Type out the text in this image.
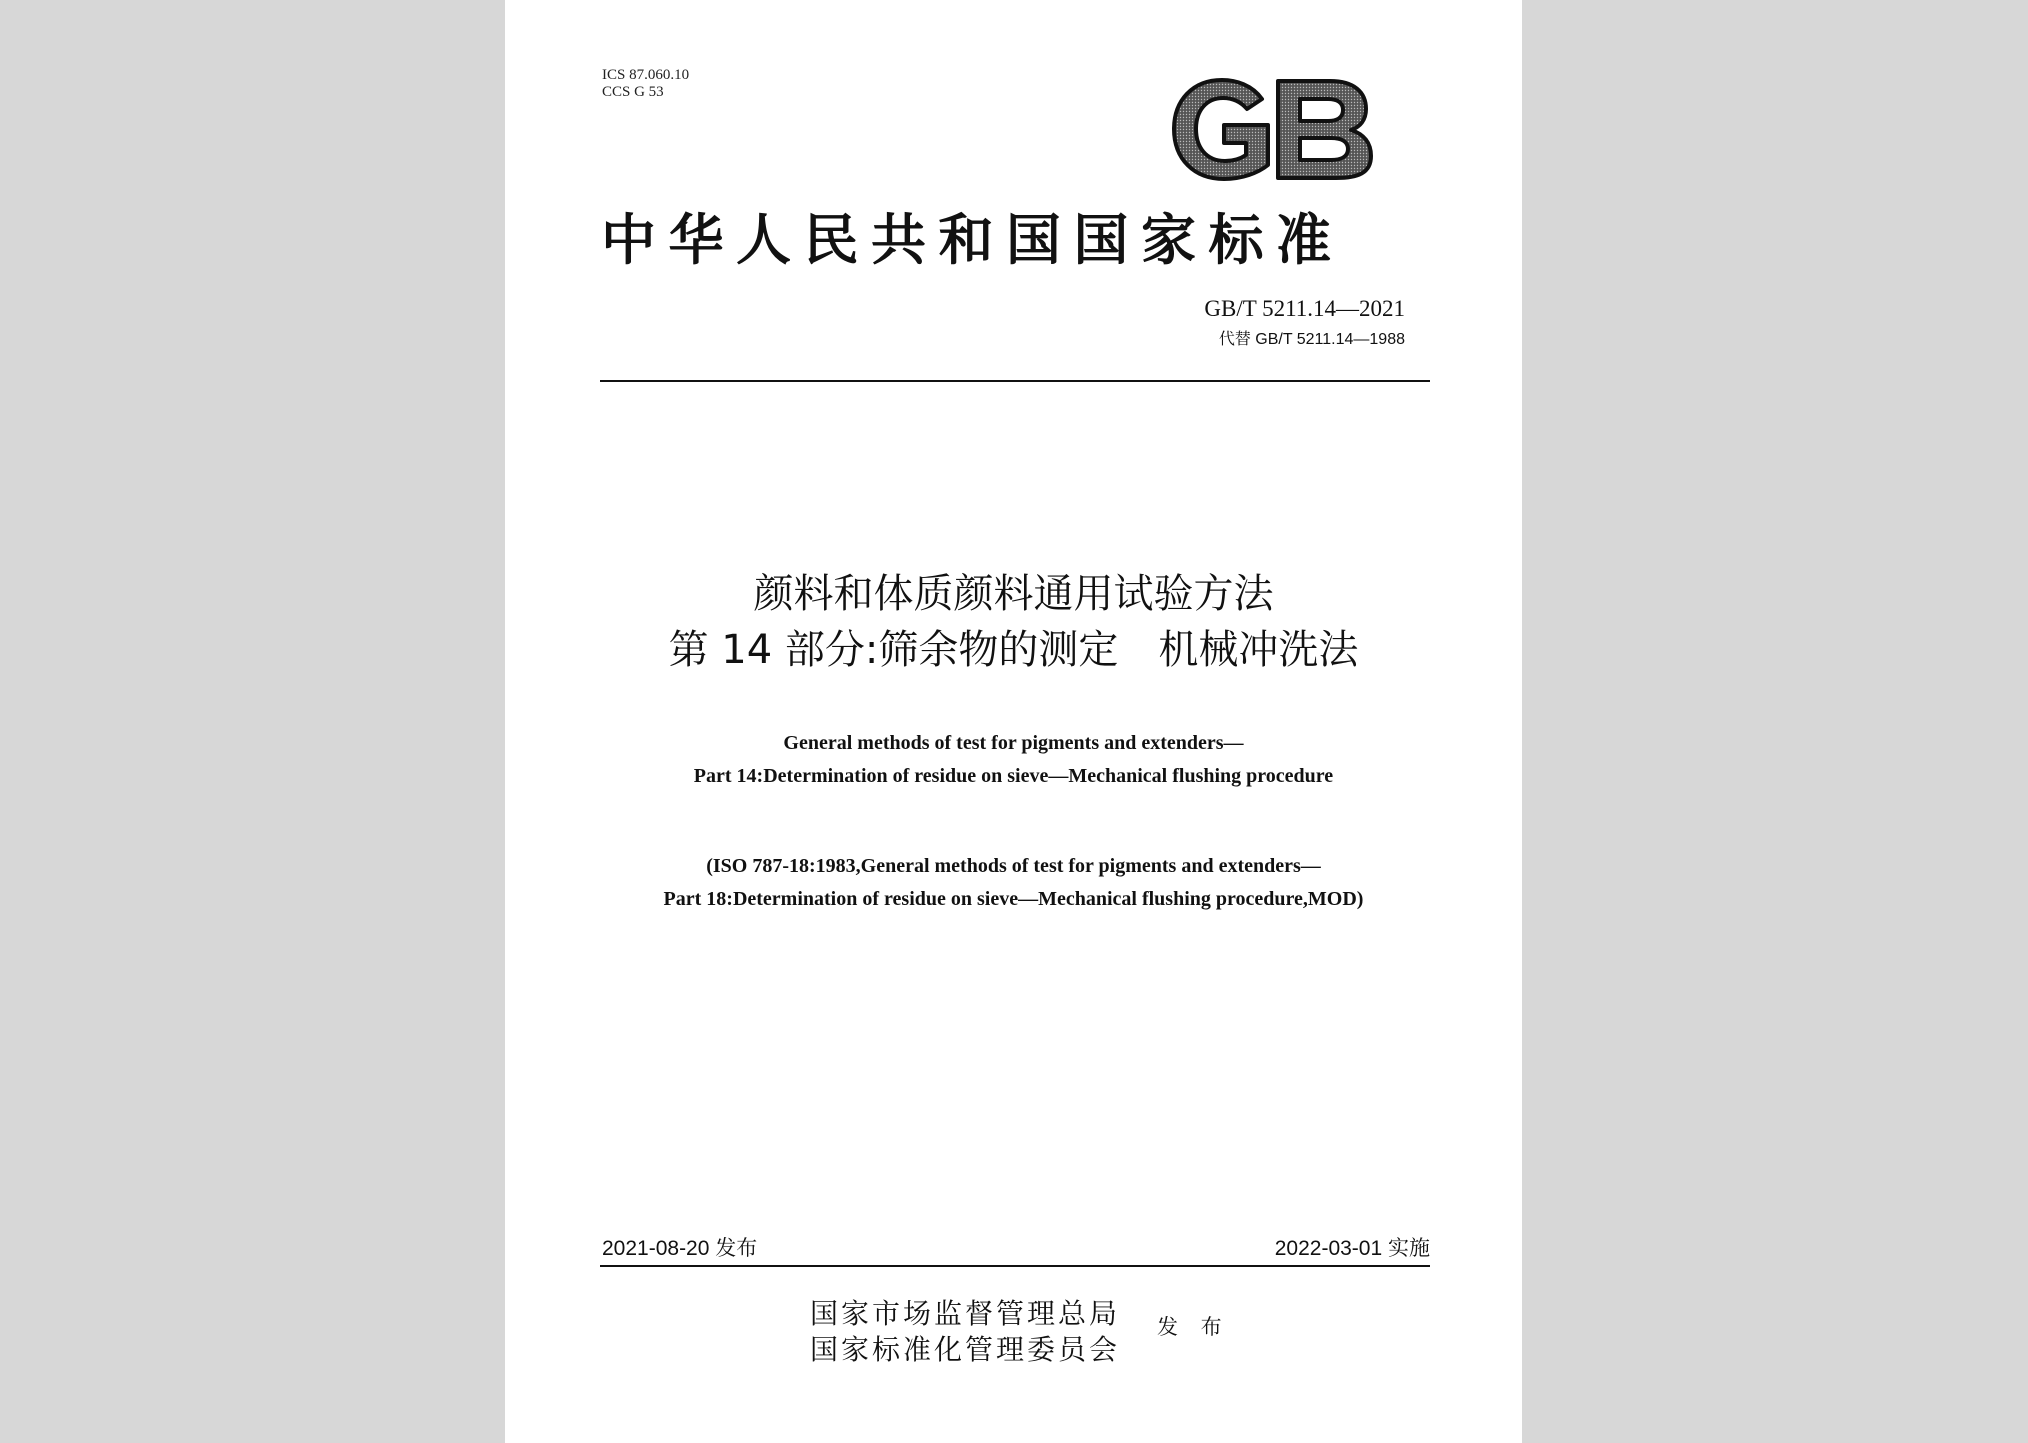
ICS 87.060.10
CCS G 53
中华人民共和国国家标准
GB/T 5211.14—2021
代替 GB/T 5211.14—1988
颜料和体质颜料通用试验方法
第 14 部分:筛余物的测定　机械冲洗法
General methods of test for pigments and extenders—
Part 14:Determination of residue on sieve—Mechanical flushing procedure
(ISO 787-18:1983,General methods of test for pigments and extenders—
Part 18:Determination of residue on sieve—Mechanical flushing procedure,MOD)
2021-08-20 发布	2022-03-01 实施
国家市场监督管理总局
国家标准化管理委员会
发 布
